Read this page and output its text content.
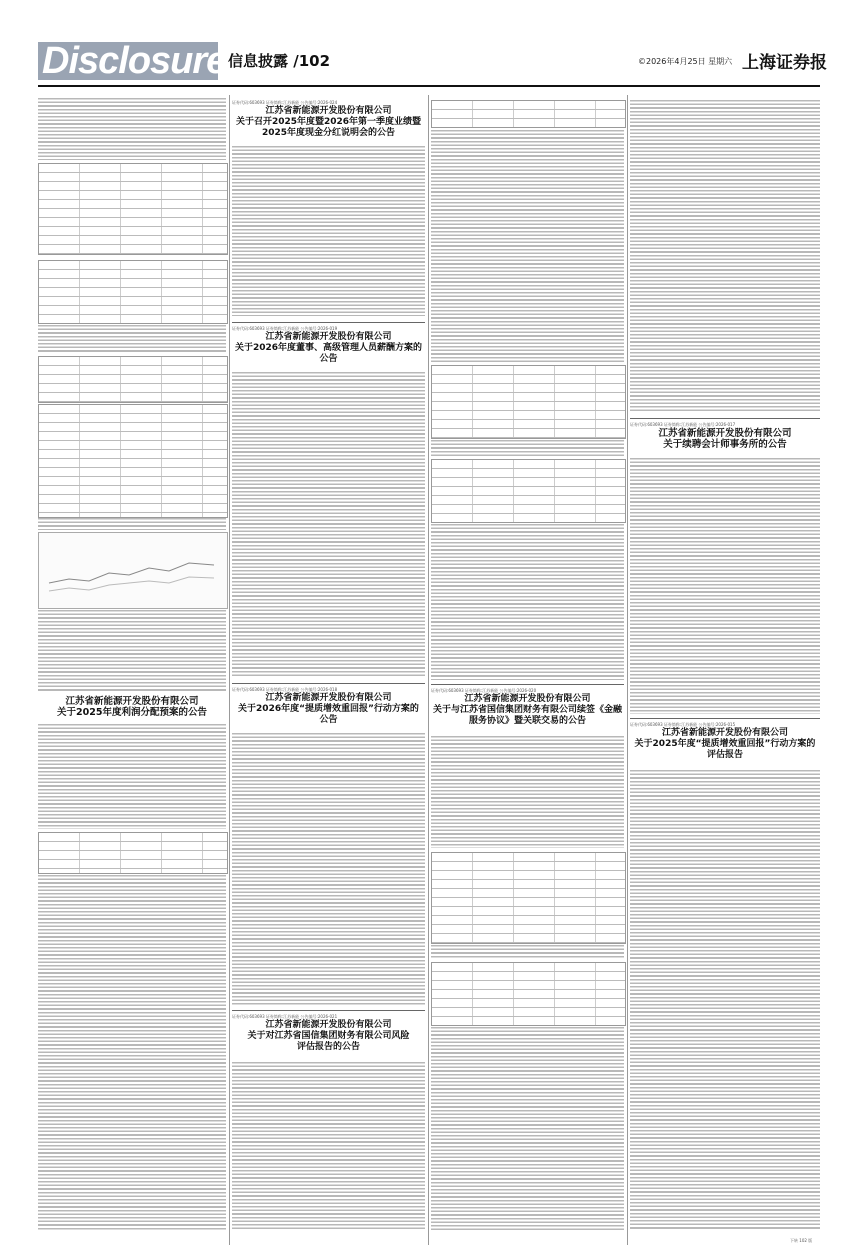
Disclosure 信息披露 /102	©2026年4月25日 星期六 上海证券报
江苏省新能源开发股份有限公司
关于2025年度利润分配预案的公告
证券代码:603693 证券简称:江苏新能 公告编号:2026-024
江苏省新能源开发股份有限公司
关于召开2025年度暨2026年第一季度业绩暨
2025年度现金分红说明会的公告
证券代码:603693 证券简称:江苏新能 公告编号:2026-019
江苏省新能源开发股份有限公司
关于2026年度董事、高级管理人员薪酬方案的
公告
证券代码:603693 证券简称:江苏新能 公告编号:2026-018
江苏省新能源开发股份有限公司
关于2026年度“提质增效重回报”行动方案的
公告
证券代码:603693 证券简称:江苏新能 公告编号:2026-021
江苏省新能源开发股份有限公司
关于对江苏省国信集团财务有限公司风险
评估报告的公告
证券代码:603693 证券简称:江苏新能 公告编号:2026-020
江苏省新能源开发股份有限公司
关于与江苏省国信集团财务有限公司续签《金融
服务协议》暨关联交易的公告
证券代码:603693 证券简称:江苏新能 公告编号:2026-017
江苏省新能源开发股份有限公司
关于续聘会计师事务所的公告
证券代码:603693 证券简称:江苏新能 公告编号:2026-015
江苏省新能源开发股份有限公司
关于2025年度“提质增效重回报”行动方案的
评估报告
下转 102 版
